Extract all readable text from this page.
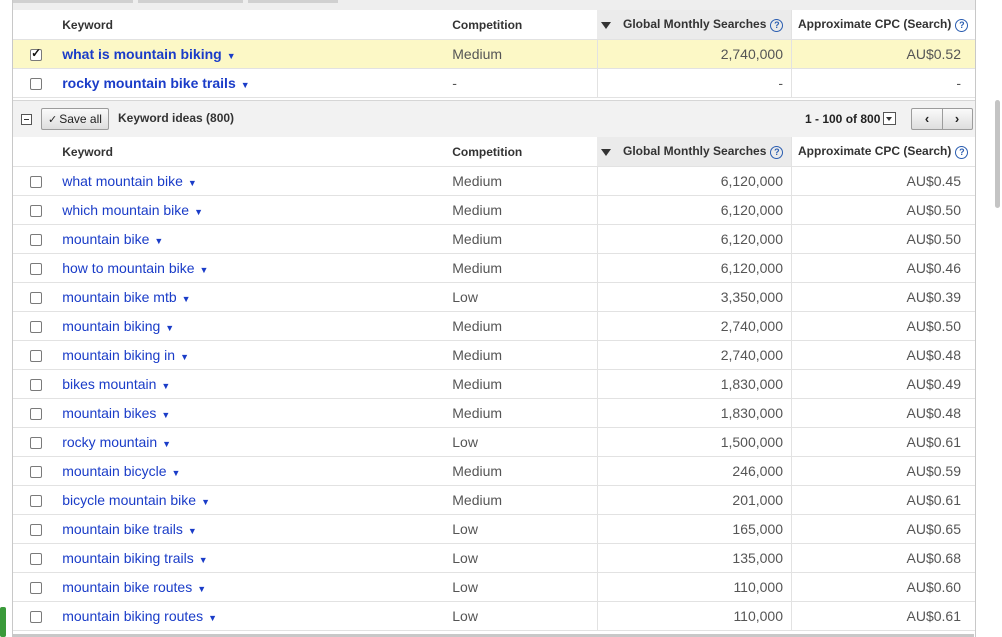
	Keyword	Competition	Global Monthly Searches ?	Approximate CPC (Search) ?
✓	what is mountain biking ▼	Medium	2,740,000	AU$0.52
	rocky mountain bike trails ▼	-	-	-
✓ Save all	Keyword ideas (800)	1 - 100 of 800	‹	›
	Keyword	Competition	Global Monthly Searches ?	Approximate CPC (Search) ?
	what mountain bike ▼	Medium	6,120,000	AU$0.45
	which mountain bike ▼	Medium	6,120,000	AU$0.50
	mountain bike ▼	Medium	6,120,000	AU$0.50
	how to mountain bike ▼	Medium	6,120,000	AU$0.46
	mountain bike mtb ▼	Low	3,350,000	AU$0.39
	mountain biking ▼	Medium	2,740,000	AU$0.50
	mountain biking in ▼	Medium	2,740,000	AU$0.48
	bikes mountain ▼	Medium	1,830,000	AU$0.49
	mountain bikes ▼	Medium	1,830,000	AU$0.48
	rocky mountain ▼	Low	1,500,000	AU$0.61
	mountain bicycle ▼	Medium	246,000	AU$0.59
	bicycle mountain bike ▼	Medium	201,000	AU$0.61
	mountain bike trails ▼	Low	165,000	AU$0.65
	mountain biking trails ▼	Low	135,000	AU$0.68
	mountain bike routes ▼	Low	110,000	AU$0.60
	mountain biking routes ▼	Low	110,000	AU$0.61
